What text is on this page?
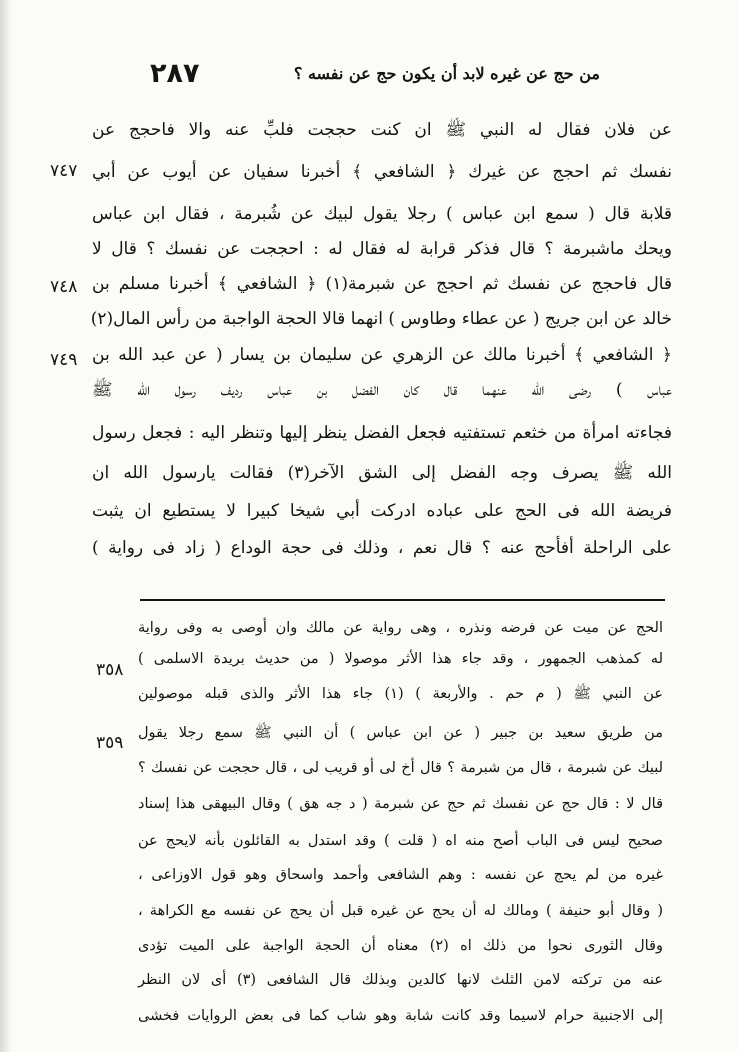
٢٨٧	من حج عن غيره لابد أن يكون حج عن نفسه ؟
عن فلان فقال له النبي ﷺ ان كنت حججت فلبِّ عنه والا فاحجج عن
نفسك ثم احجج عن غيرك ﴿ الشافعي ﴾ أخبرنا سفيان عن أيوب عن أبي
قلابة قال ( سمع ابن عباس ) رجلا يقول لبيك عن شُبرمة ، فقال ابن عباس
ويحك ماشبرمة ؟ قال فذكر قرابة له فقال له : احججت عن نفسك ؟ قال لا
قال فاحجج عن نفسك ثم احجج عن شبرمة(١) ﴿ الشافعي ﴾ أخبرنا مسلم بن
خالد عن ابن جريج ( عن عطاء وطاوس ) انهما قالا الحجة الواجبة من رأس المال(٢)
﴿ الشافعي ﴾ أخبرنا مالك عن الزهري عن سليمان بن يسار ( عن عبد الله بن
عباس ) رضى الله عنهما قال كان الفضل بن عباس رديف رسول الله ﷺ
فجاءته امرأة من خثعم تستفتيه فجعل الفضل ينظر إليها وتنظر اليه : فجعل رسول
الله ﷺ يصرف وجه الفضل إلى الشق الآخر(٣) فقالت يارسول الله ان
فريضة الله فى الحج على عباده ادركت أبي شيخا كبيرا لا يستطيع ان يثبت
على الراحلة أفأحج عنه ؟ قال نعم ، وذلك فى حجة الوداع ( زاد فى رواية )
٧٤٧
٧٤٨
٧٤٩
الحج عن ميت عن فرضه ونذره ، وهى رواية عن مالك وان أوصى به وفى رواية
له كمذهب الجمهور ، وقد جاء هذا الأثر موصولا ( من حديث بريدة الاسلمى )
عن النبي ﷺ ( م حم . والأربعة ) (١) جاء هذا الأثر والذى قبله موصولين
من طريق سعيد بن جبير ( عن ابن عباس ) أن النبي ﷺ سمع رجلا يقول
لبيك عن شبرمة ، قال من شبرمة ؟ قال أخ لى أو قريب لى ، قال حججت عن نفسك ؟
قال لا : قال حج عن نفسك ثم حج عن شبرمة ( د جه هق ) وقال البيهقى هذا إسناد
صحيح ليس فى الباب أصح منه اه ( قلت ) وقد استدل به القائلون بأنه لايحج عن
غيره من لم يحج عن نفسه : وهم الشافعى وأحمد واسحاق وهو قول الاوزاعى ،
( وقال أبو حنيفة ) ومالك له أن يحج عن غيره قبل أن يحج عن نفسه مع الكراهة ،
وقال الثورى نحوا من ذلك اه (٢) معناه أن الحجة الواجبة على الميت تؤدى
عنه من تركته لامن الثلث لانها كالدين وبذلك قال الشافعى (٣) أى لان النظر
إلى الاجنبية حرام لاسيما وقد كانت شابة وهو شاب كما فى بعض الروايات فخشى
٣٥٨
٣٥٩
